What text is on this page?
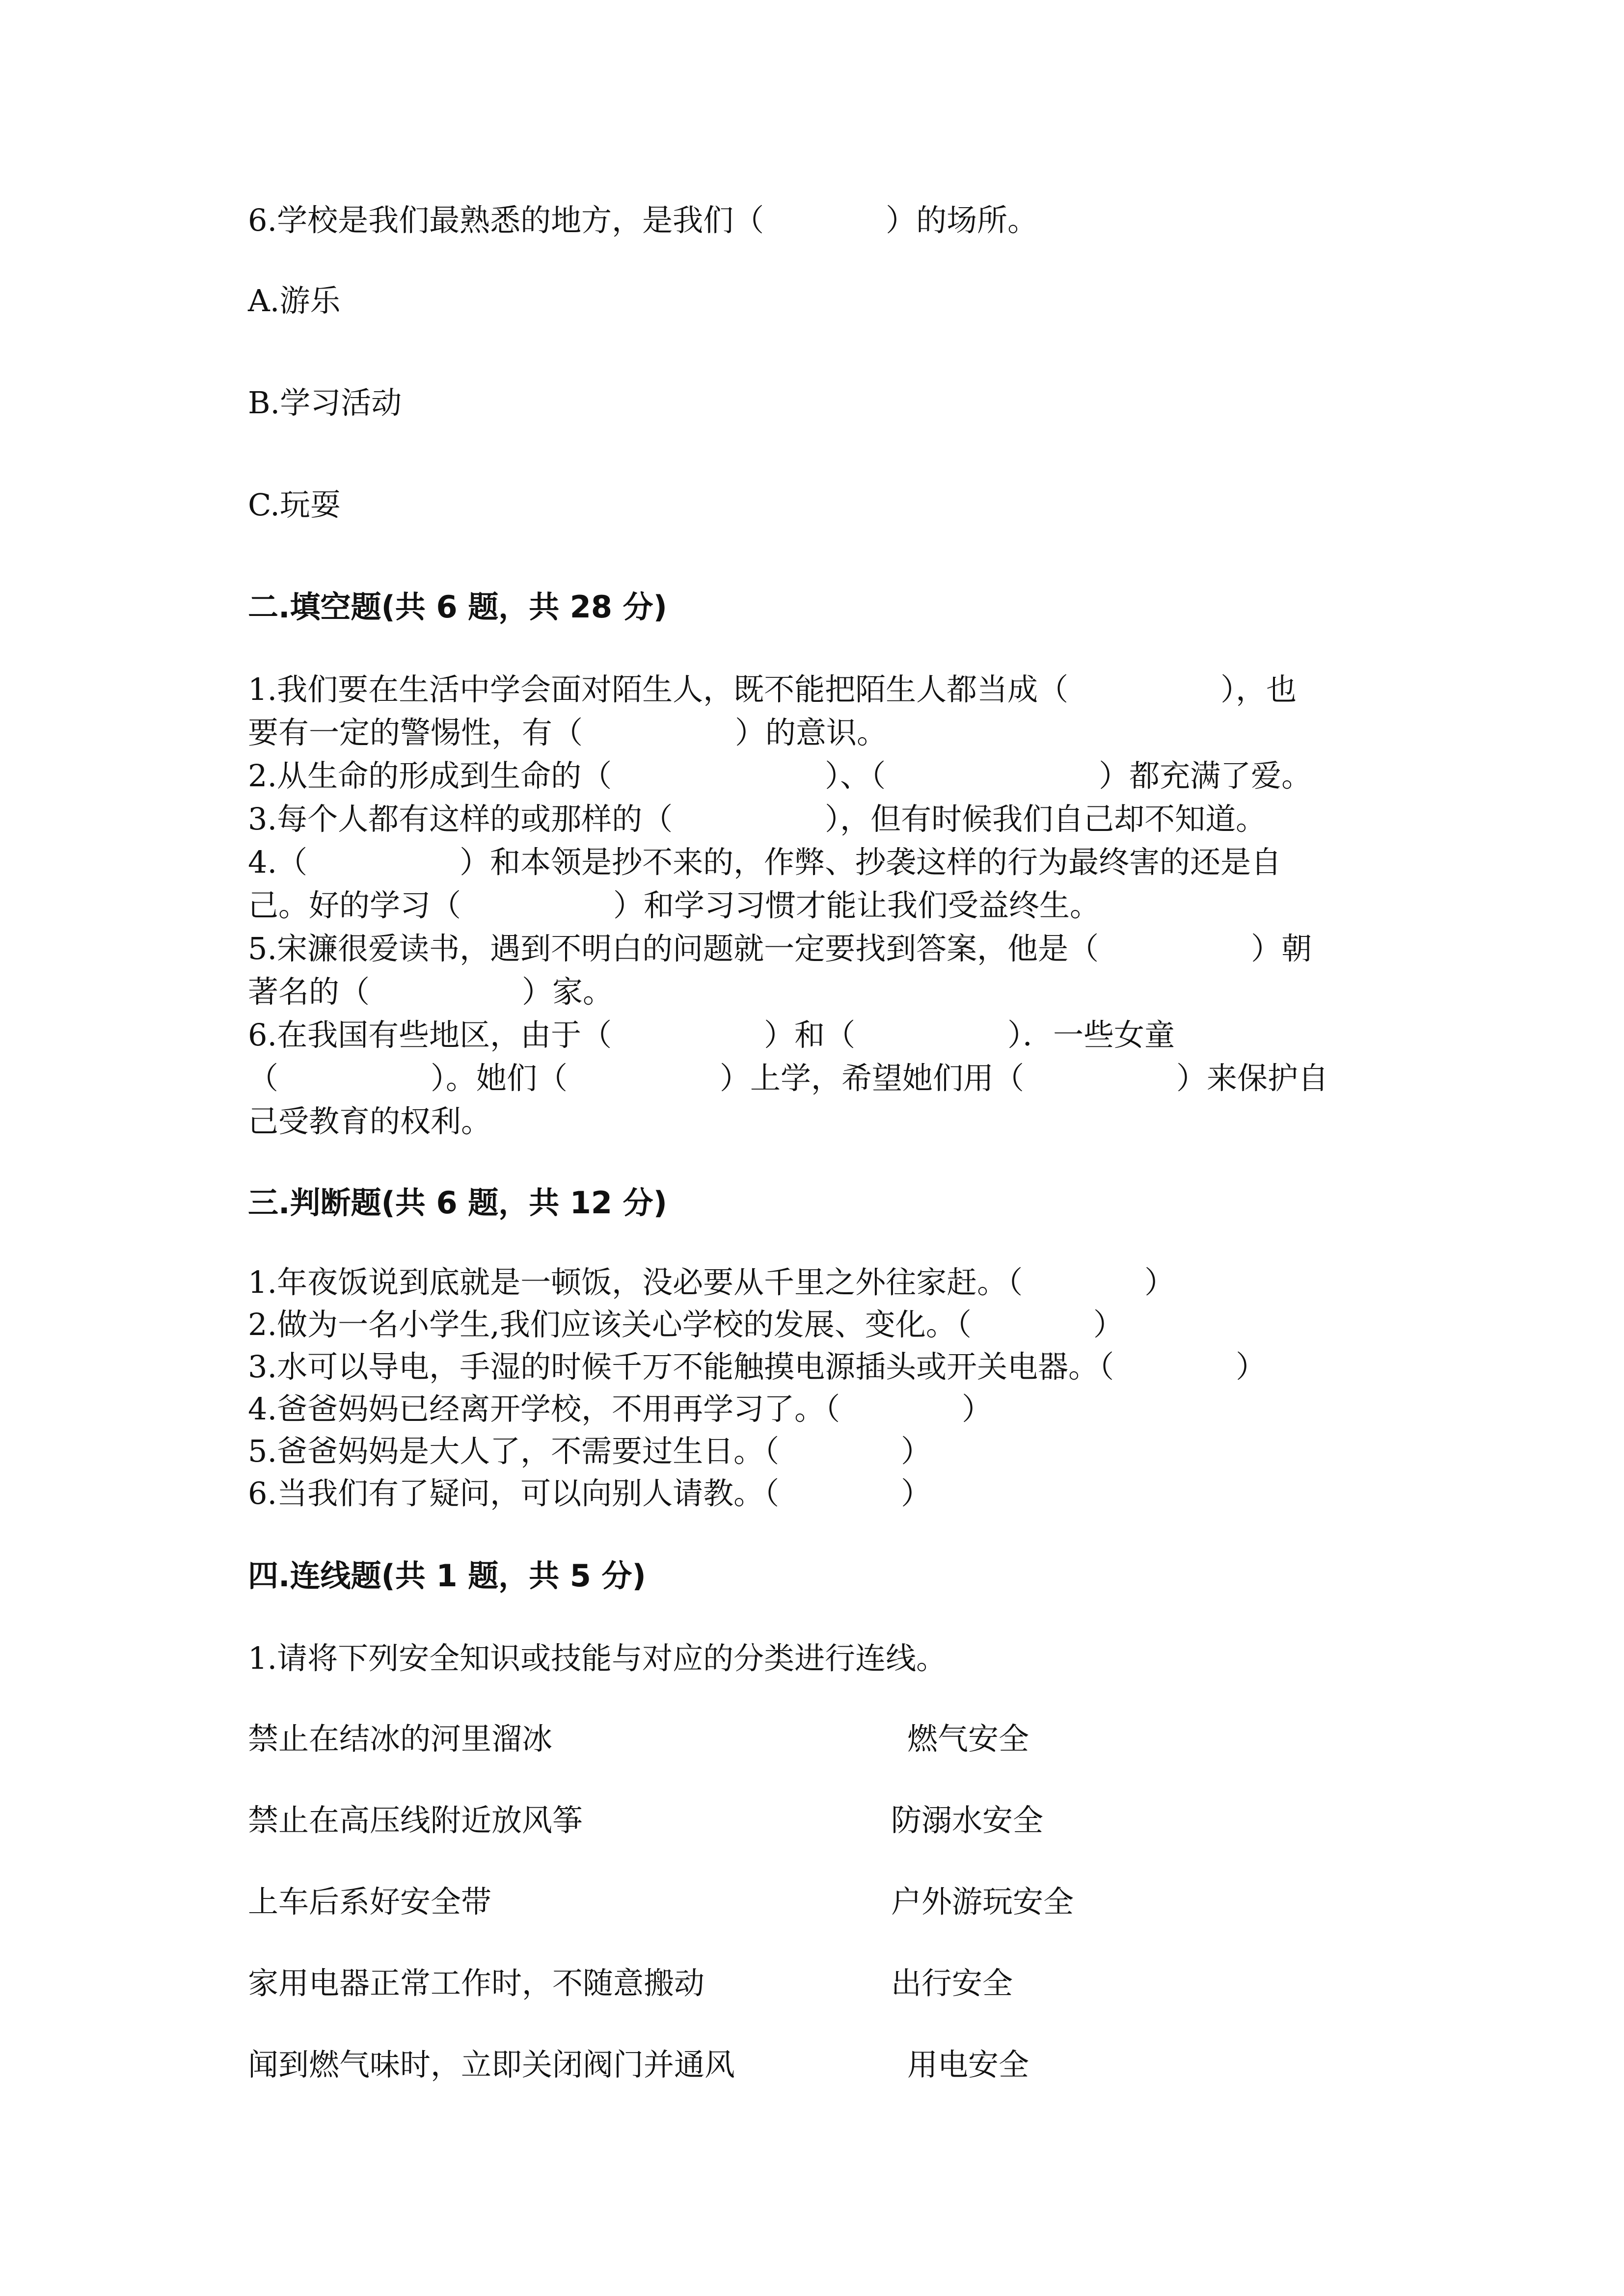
6.学校是我们最熟悉的地方，是我们（　　　　）的场所。
A.游乐
B.学习活动
C.玩耍
二.填空题(共 6 题，共 28 分)
1.我们要在生活中学会面对陌生人，既不能把陌生人都当成（　　　　　），也
要有一定的警惕性，有（　　　　　）的意识。
2.从生命的形成到生命的（　　　　　　　）、（　　　　　　　）都充满了爱。
3.每个人都有这样的或那样的（　　　　　），但有时候我们自己却不知道。
4.（　　　　　）和本领是抄不来的，作弊、抄袭这样的行为最终害的还是自
己。好的学习（　　　　　）和学习习惯才能让我们受益终生。
5.宋濂很爱读书，遇到不明白的问题就一定要找到答案，他是（　　　　　）朝
著名的（　　　　　）家。
6.在我国有些地区，由于（　　　　　）和（　　　　　）．一些女童
（　　　　　）。她们（　　　　　）上学，希望她们用（　　　　　）来保护自
己受教育的权利。
三.判断题(共 6 题，共 12 分)
1.年夜饭说到底就是一顿饭，没必要从千里之外往家赶。（　　　　）
2.做为一名小学生,我们应该关心学校的发展、变化。（　　　　）
3.水可以导电，手湿的时候千万不能触摸电源插头或开关电器。（　　　　）
4.爸爸妈妈已经离开学校，不用再学习了。（　　　　）
5.爸爸妈妈是大人了，不需要过生日。（　　　　）
6.当我们有了疑问，可以向别人请教。（　　　　）
四.连线题(共 1 题，共 5 分)
1.请将下列安全知识或技能与对应的分类进行连线。
禁止在结冰的河里溜冰
禁止在高压线附近放风筝
上车后系好安全带
家用电器正常工作时，不随意搬动
闻到燃气味时，立即关闭阀门并通风
燃气安全
防溺水安全
户外游玩安全
出行安全
用电安全
